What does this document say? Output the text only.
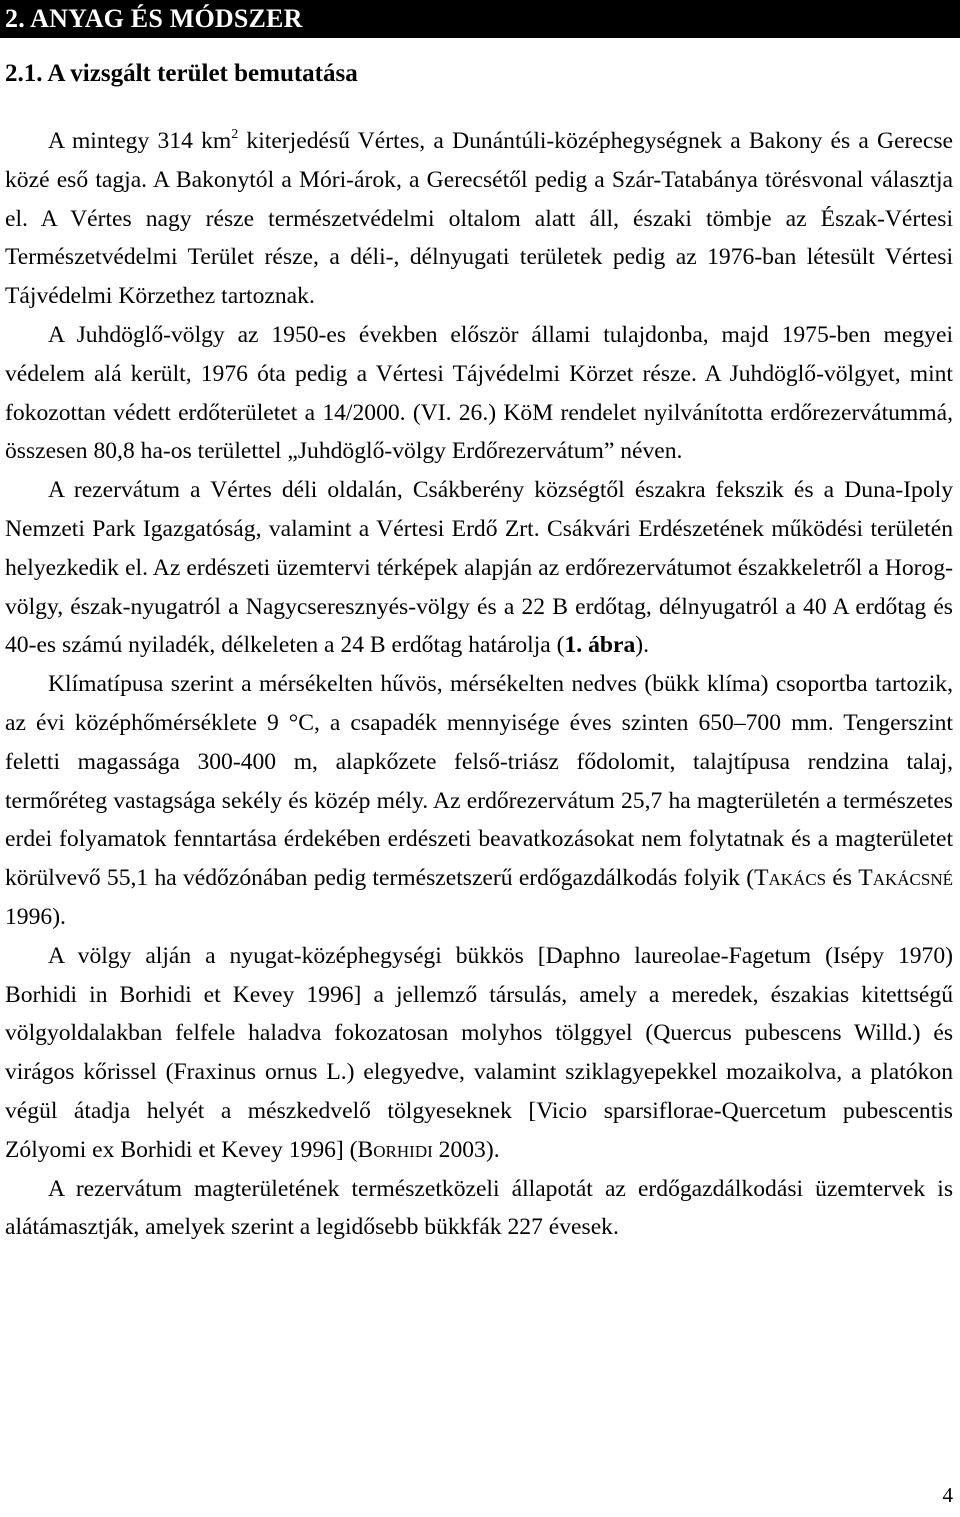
2. ANYAG ÉS MÓDSZER
2.1. A vizsgált terület bemutatása

A mintegy 314 $km^2$ kiterjedésű Vértes, a Dunántúli-középhegységnek a Bakony és a Gerecse közé eső tagja. A Bakonytól a Móri-árok, a Gerecsétől pedig a Szár-Tatabánya törésvonal választja el. A Vértes nagy része természetvédelmi oltalom alatt áll, északi tömbje az Észak-Vértesi Természetvédelmi Terület része, a déli-, délnyugati területek pedig az 1976-ban létesült Vértesi Tájvédelmi Körzethez tartoznak.

A Juhdöglő-völgy az 1950-es években először állami tulajdonba, majd 1975-ben megyei védelem alá került, 1976 óta pedig a Vértesi Tájvédelmi Körzet része. A Juhdöglő-völgyet, mint fokozottan védett erdőterületet a 14/2000. (VI. 26.) KöM rendelet nyilvánította erdőrezervátummá, összesen 80,8 ha-os területtel „Juhdöglő-völgy Erdőrezervátum” néven.

A rezervátum a Vértes déli oldalán, Csákberény községtől északra fekszik és a Duna-Ipoly Nemzeti Park Igazgatóság, valamint a Vértesi Erdő Zrt. Csákvári Erdészetének működési területén helyezkedik el. Az erdészeti üzemtervi térképek alapján az erdőrezervátumot északkeletről a Horog-völgy, észak-nyugatról a Nagycseresznyés-völgy és a 22 B erdőtag, délnyugatról a 40 A erdőtag és 40-es számú nyiladék, délkeleten a 24 B erdőtag határolja (1. ábra).

Klímatípusa szerint a mérsékelten hűvös, mérsékelten nedves (bükk klíma) csoportba tartozik, az évi középhőmérséklete 9 °C, a csapadék mennyisége éves szinten 650–700 mm. Tengerszint feletti magassága 300-400 m, alapkőzete felső-triász fődolomit, talajtípusa rendzina talaj, termőréteg vastagsága sekély és közép mély. Az erdőrezervátum 25,7 ha magterületén a természetes erdei folyamatok fenntartása érdekében erdészeti beavatkozásokat nem folytatnak és a magterületet körülvevő 55,1 ha védőzónában pedig természetszerű erdőgazdálkodás folyik (Takács és Takácsné 1996).

A völgy alján a nyugat-középhegységi bükkös [Daphno laureolae-Fagetum (Isépy 1970) Borhidi in Borhidi et Kevey 1996] a jellemző társulás, amely a meredek, északias kitettségű völgyoldalakban felfele haladva fokozatosan molyhos tölggyel (Quercus pubescens Willd.) és virágos kőrissel (Fraxinus ornus L.) elegyedve, valamint sziklagyepekkel mozaikolva, a platókon végül átadja helyét a mészkedvelő tölgyeseknek [Vicio sparsiflorae-Quercetum pubescentis Zólyomi ex Borhidi et Kevey 1996] (Borhidi 2003).

A rezervátum magterületének természetközeli állapotát az erdőgazdálkodási üzemtervek is alátámasztják, amelyek szerint a legidősebb bükkfák 227 évesek.

4
